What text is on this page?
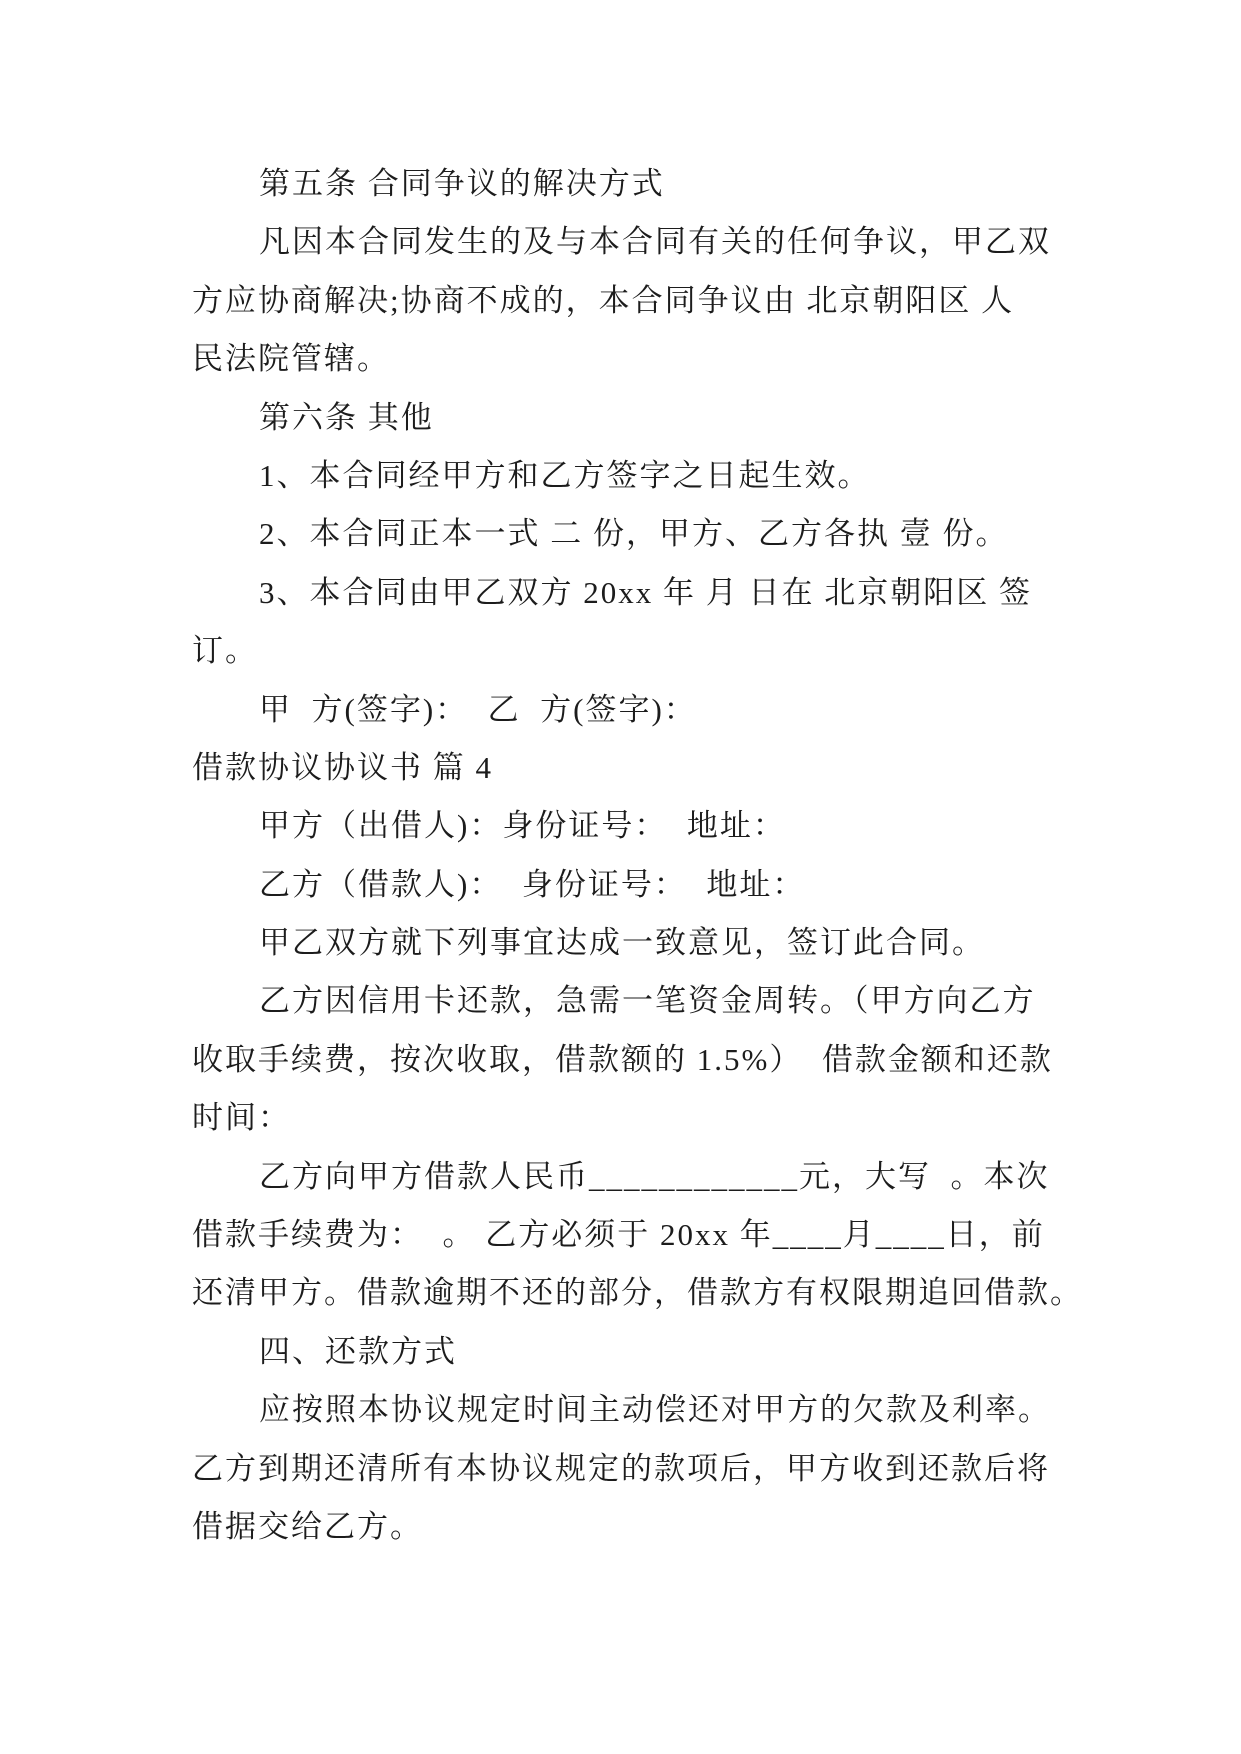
第五条 合同争议的解决方式
凡因本合同发生的及与本合同有关的任何争议，甲乙双
方应协商解决;协商不成的，本合同争议由 北京朝阳区 人
民法院管辖。
第六条 其他
1、本合同经甲方和乙方签字之日起生效。
2、本合同正本一式 二 份，甲方、乙方各执 壹 份。
3、本合同由甲乙双方 20xx 年 月 日在 北京朝阳区 签
订。
甲  方(签字)：  乙  方(签字)：
借款协议协议书 篇 4
甲方（出借人)：身份证号：  地址：
乙方（借款人)：  身份证号：  地址：
甲乙双方就下列事宜达成一致意见，签订此合同。
乙方因信用卡还款，急需一笔资金周转。（甲方向乙方
收取手续费，按次收取，借款额的 1.5%）  借款金额和还款
时间：
乙方向甲方借款人民币____________元，大写  。本次
借款手续费为：  。 乙方必须于 20xx 年____月____日，前
还清甲方。借款逾期不还的部分，借款方有权限期追回借款。
四、还款方式
应按照本协议规定时间主动偿还对甲方的欠款及利率。
乙方到期还清所有本协议规定的款项后，甲方收到还款后将
借据交给乙方。
